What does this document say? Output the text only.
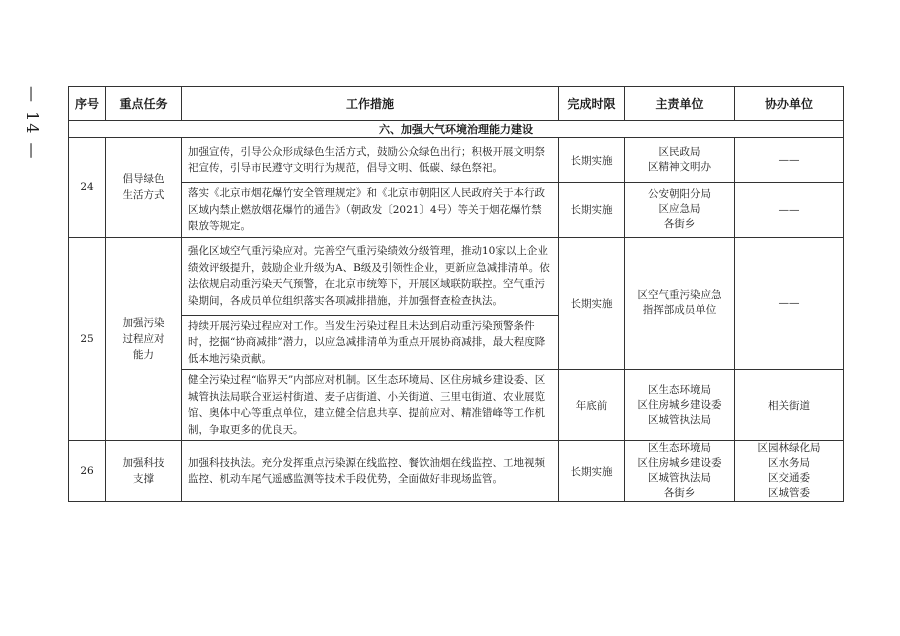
— 14 —	序号	重点任务	工作措施	完成时限	主责单位	协办单位
六、加强大气环境治理能力建设					
24	倡导绿色生活方式	加强宣传，引导公众形成绿色生活方式，鼓励公众绿色出行；积极开展文明祭祀宣传，引导市民遵守文明行为规范，倡导文明、低碳、绿色祭祀。	长期实施	区民政局
区精神文明办	——
		落实《北京市烟花爆竹安全管理规定》和《北京市朝阳区人民政府关于本行政区域内禁止燃放烟花爆竹的通告》（朝政发〔2021〕4号）等关于烟花爆竹禁限放等规定。	长期实施	公安朝阳分局
区应急局
各街乡	——
25	加强污染过程应对能力	强化区域空气重污染应对。完善空气重污染绩效分级管理，推动10家以上企业绩效评级提升，鼓励企业升级为A、B级及引领性企业，更新应急减排清单。依法依规启动重污染天气预警，在北京市统筹下，开展区域联防联控。空气重污染期间，各成员单位组织落实各项减排措施，并加强督查检查执法。	长期实施	区空气重污染应急
指挥部成员单位	——
		持续开展污染过程应对工作。当发生污染过程且未达到启动重污染预警条件时，挖掘“协商减排”潜力，以应急减排清单为重点开展协商减排，最大程度降低本地污染贡献。			
		健全污染过程“临界天”内部应对机制。区生态环境局、区住房城乡建设委、区城管执法局联合亚运村街道、麦子店街道、小关街道、三里屯街道、农业展览馆、奥体中心等重点单位，建立健全信息共享、提前应对、精准错峰等工作机制，争取更多的优良天。	年底前	区生态环境局
区住房城乡建设委
区城管执法局	相关街道
26	加强科技支撑	加强科技执法。充分发挥重点污染源在线监控、餐饮油烟在线监控、工地视频监控、机动车尾气遥感监测等技术手段优势，全面做好非现场监管。	长期实施	区生态环境局
区住房城乡建设委
区城管执法局
各街乡	区园林绿化局
区水务局
区交通委
区城管委
